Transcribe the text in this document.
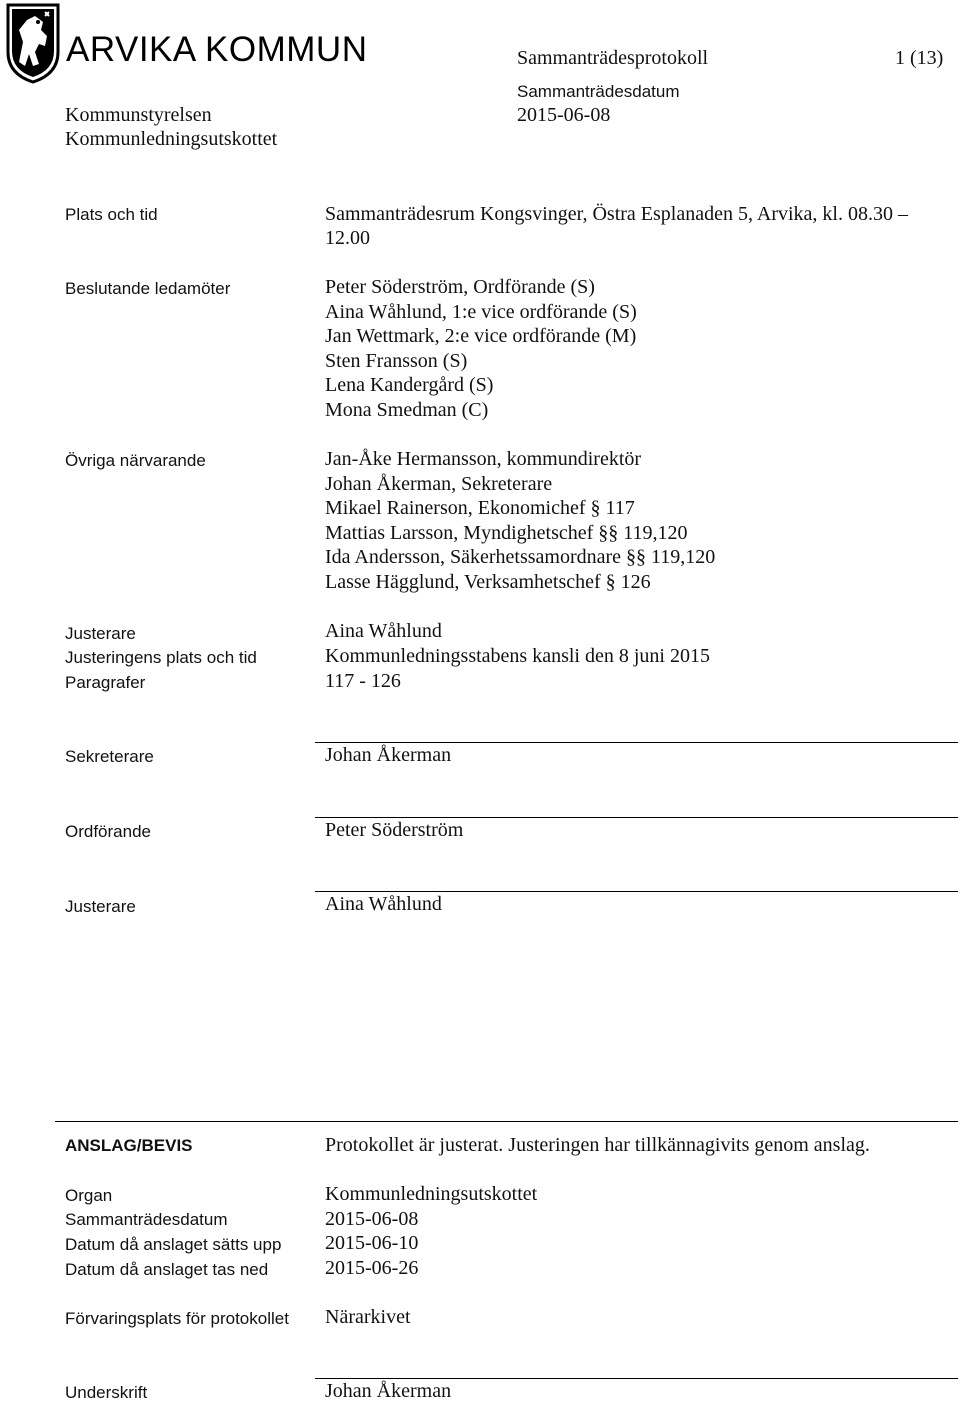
ARVIKA KOMMUN	Sammanträdesprotokoll	1 (13)
Kommunstyrelsen
Kommunledningsutskottet
Sammanträdesdatum
2015-06-08
Plats och tid	Sammanträdesrum Kongsvinger, Östra Esplanaden 5, Arvika, kl. 08.30 –
12.00
Beslutande ledamöter	Peter Söderström, Ordförande (S)
Aina Wåhlund, 1:e vice ordförande (S)
Jan Wettmark, 2:e vice ordförande (M)
Sten Fransson (S)
Lena Kandergård (S)
Mona Smedman (C)
Övriga närvarande	Jan-Åke Hermansson, kommundirektör
Johan Åkerman, Sekreterare
Mikael Rainerson, Ekonomichef § 117
Mattias Larsson, Myndighetschef §§ 119,120
Ida Andersson, Säkerhetssamordnare §§ 119,120
Lasse Hägglund, Verksamhetschef § 126
Justerare	Aina Wåhlund
Justeringens plats och tid	Kommunledningsstabens kansli den 8 juni 2015
Paragrafer	117 - 126
Sekreterare	Johan Åkerman
Ordförande	Peter Söderström
Justerare	Aina Wåhlund
ANSLAG/BEVIS	Protokollet är justerat. Justeringen har tillkännagivits genom anslag.
Organ	Kommunledningsutskottet
Sammanträdesdatum	2015-06-08
Datum då anslaget sätts upp 2015-06-10
Datum då anslaget tas ned	2015-06-26
Förvaringsplats för protokollet Närarkivet
Underskrift	Johan Åkerman
